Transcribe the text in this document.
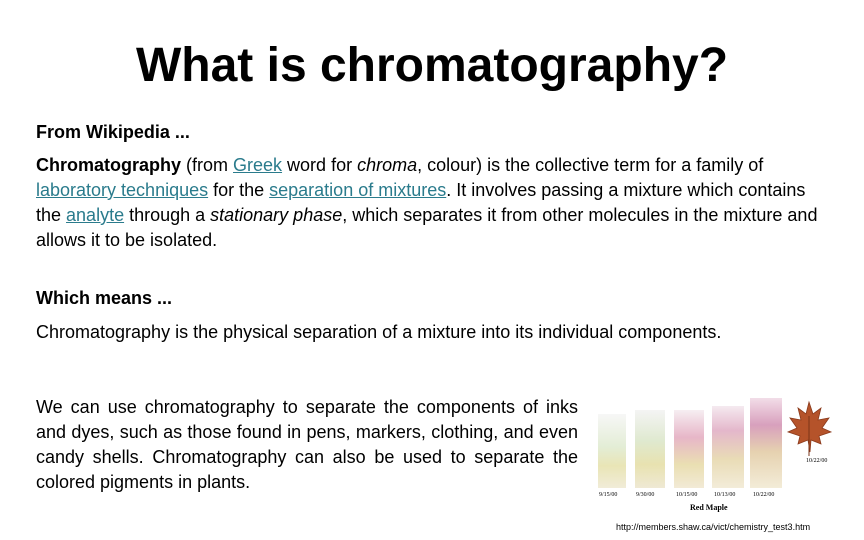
What is chromatography?

From Wikipedia ...

Chromatography (from Greek word for chroma, colour) is the collective term for a family of laboratory techniques for the separation of mixtures. It involves passing a mixture which contains the analyte through a stationary phase, which separates it from other molecules in the mixture and allows it to be isolated.

Which means ...

Chromatography is the physical separation of a mixture into its individual components.

We can use chromatography to separate the components of inks and dyes, such as those found in pens, markers, clothing, and even candy shells. Chromatography can also be used to separate the colored pigments in plants.

9/15/00	9/30/00	10/15/00	10/13/00	10/22/00
10/22/00
Red Maple
http://members.shaw.ca/vict/chemistry_test3.htm
